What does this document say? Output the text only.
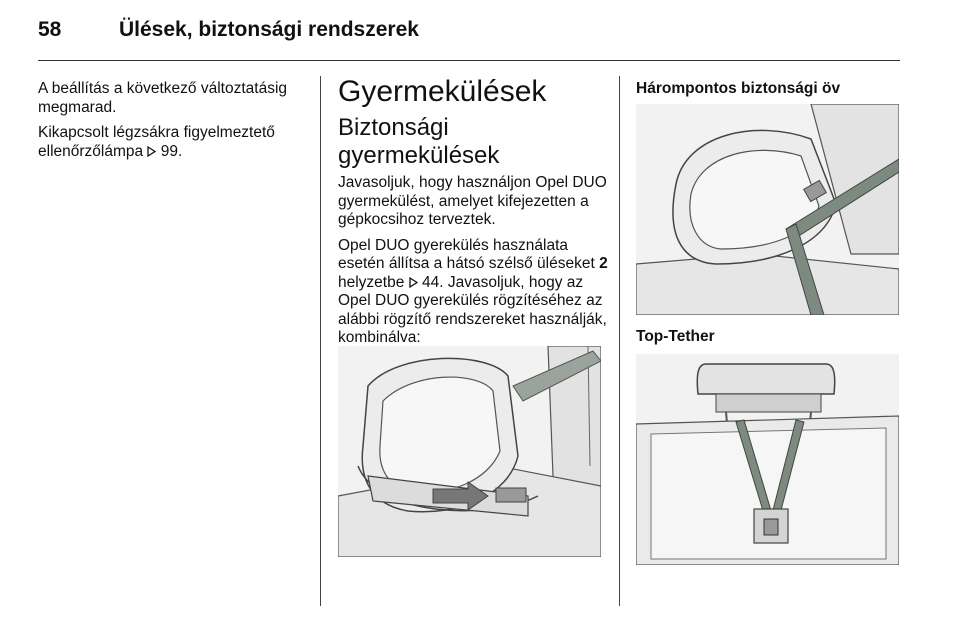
58	Ülések, biztonsági rendszerek

A beállítás a következő változtatásig megmarad.

Kikapcsolt légzsákra figyelmeztető ellenőrzőlámpa 99.

Gyermekülések
Biztonsági gyermekülések

Javasoljuk, hogy használjon Opel DUO gyermekülést, amelyet kifejezetten a gépkocsihoz terveztek.

Opel DUO gyerekülés használata esetén állítsa a hátsó szélső üléseket 2 helyzetbe 44. Javasoljuk, hogy az Opel DUO gyerekülés rögzítéséhez az alábbi rögzítő rendszereket használják, kombinálva:

Hárompontos biztonsági öv
Top-Tether
